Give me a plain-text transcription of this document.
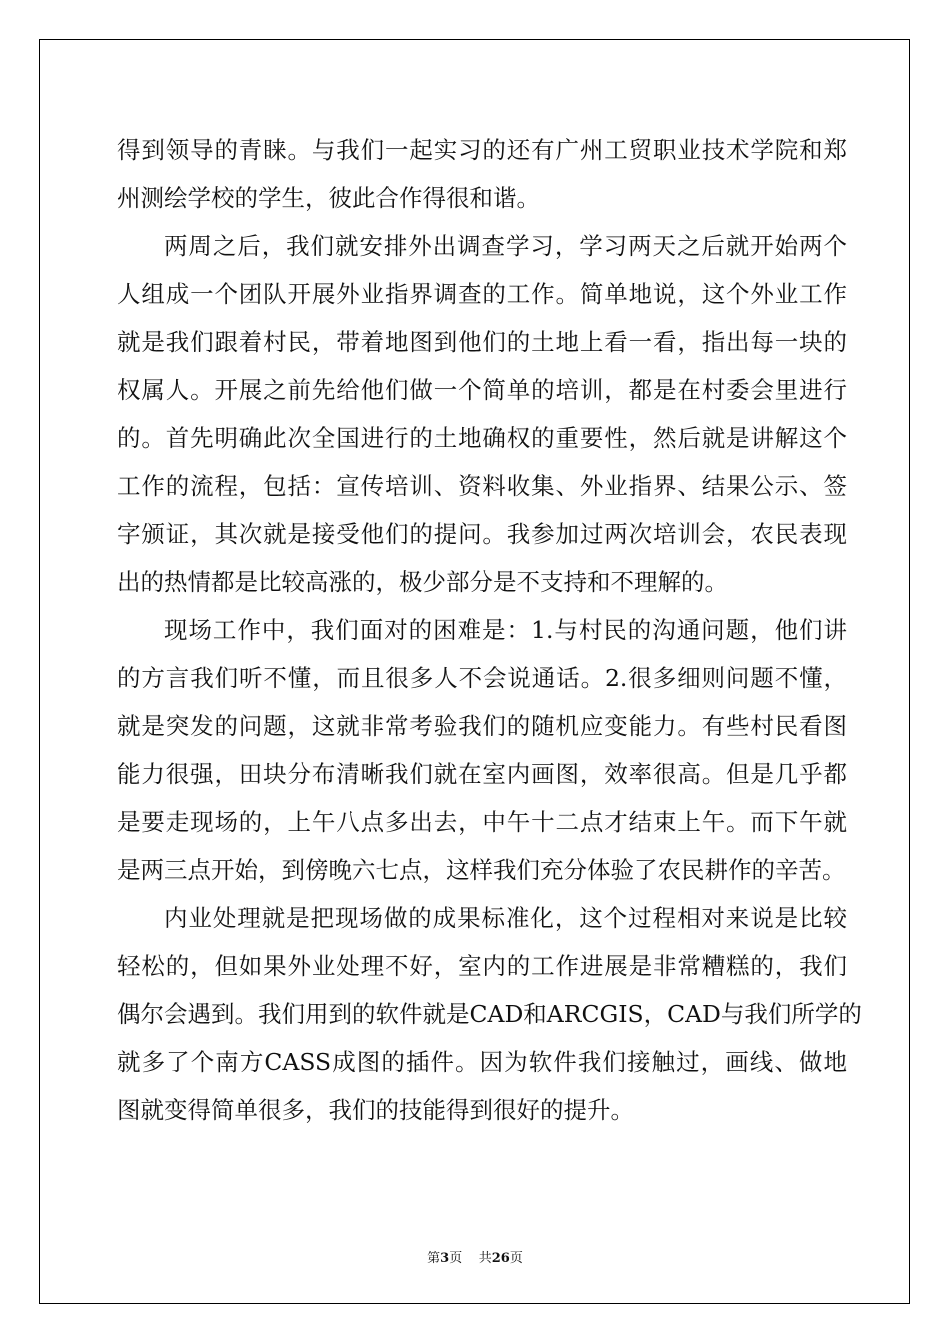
得到领导的青睐。与我们一起实习的还有广州工贸职业技术学院和郑
州测绘学校的学生，彼此合作得很和谐。
两周之后，我们就安排外出调查学习，学习两天之后就开始两个
人组成一个团队开展外业指界调查的工作。简单地说，这个外业工作
就是我们跟着村民，带着地图到他们的土地上看一看，指出每一块的
权属人。开展之前先给他们做一个简单的培训，都是在村委会里进行
的。首先明确此次全国进行的土地确权的重要性，然后就是讲解这个
工作的流程，包括：宣传培训、资料收集、外业指界、结果公示、签
字颁证，其次就是接受他们的提问。我参加过两次培训会，农民表现
出的热情都是比较高涨的，极少部分是不支持和不理解的。
现场工作中，我们面对的困难是：1.与村民的沟通问题，他们讲
的方言我们听不懂，而且很多人不会说通话。2.很多细则问题不懂，
就是突发的问题，这就非常考验我们的随机应变能力。有些村民看图
能力很强，田块分布清晰我们就在室内画图，效率很高。但是几乎都
是要走现场的，上午八点多出去，中午十二点才结束上午。而下午就
是两三点开始，到傍晚六七点，这样我们充分体验了农民耕作的辛苦。
内业处理就是把现场做的成果标准化，这个过程相对来说是比较
轻松的，但如果外业处理不好，室内的工作进展是非常糟糕的，我们
偶尔会遇到。我们用到的软件就是CAD和ARCGIS，CAD与我们所学的
就多了个南方CASS成图的插件。因为软件我们接触过，画线、做地
图就变得简单很多，我们的技能得到很好的提升。
第3页 共26页
